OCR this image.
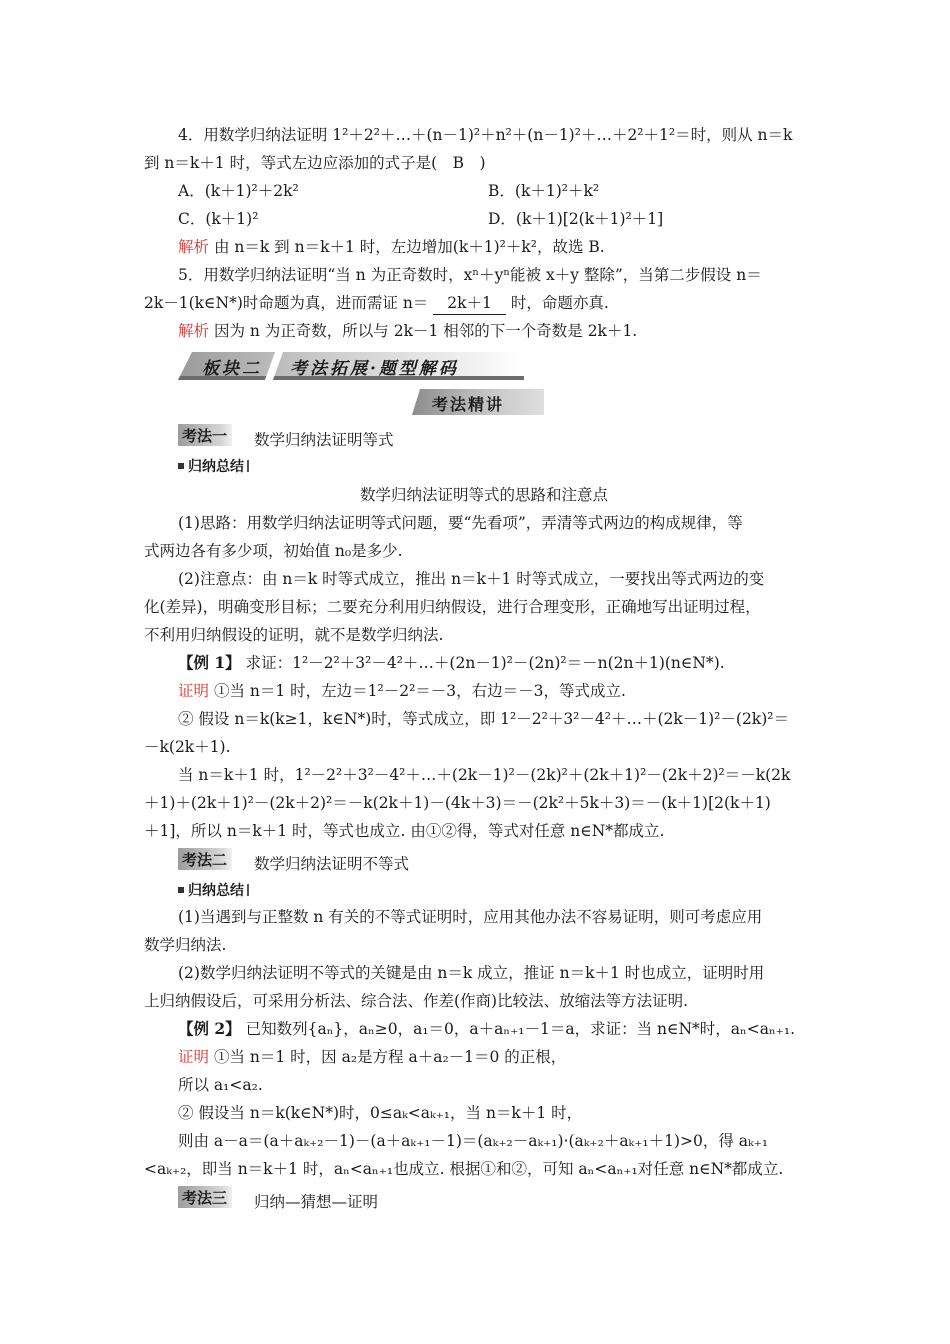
4．用数学归纳法证明 1²＋2²＋…＋(n－1)²＋n²＋(n－1)²＋…＋2²＋1²＝时，则从 n＝k
到 n＝k＋1 时，等式左边应添加的式子是(　B　)
A．(k＋1)²＋2k²	B．(k＋1)²＋k²
C．(k＋1)²	D．(k＋1)[2(k＋1)²＋1]
解析 由 n＝k 到 n＝k＋1 时，左边增加(k＋1)²＋k²，故选 B.
5．用数学归纳法证明“当 n 为正奇数时，xⁿ＋yⁿ能被 x＋y 整除”，当第二步假设 n＝
2k－1(k∈N*)时命题为真，进而需证 n＝ 2k＋1 时，命题亦真.
解析 因为 n 为正奇数，所以与 2k－1 相邻的下一个奇数是 2k＋1.
板块二 考法拓展·题型解码
考法精讲
考法一 数学归纳法证明等式
归纳总结
数学归纳法证明等式的思路和注意点
(1)思路：用数学归纳法证明等式问题，要“先看项”，弄清等式两边的构成规律，等
式两边各有多少项，初始值 n₀是多少.
(2)注意点：由 n＝k 时等式成立，推出 n＝k＋1 时等式成立，一要找出等式两边的变
化(差异)，明确变形目标；二要充分利用归纳假设，进行合理变形，正确地写出证明过程，
不利用归纳假设的证明，就不是数学归纳法.
【例 1】 求证：1²－2²＋3²－4²＋…＋(2n－1)²－(2n)²＝－n(2n＋1)(n∈N*).
证明 ①当 n＝1 时，左边＝1²－2²＝－3，右边＝－3，等式成立.
② 假设 n＝k(k≥1，k∈N*)时，等式成立，即 1²－2²＋3²－4²＋…＋(2k－1)²－(2k)²＝
－k(2k＋1).
当 n＝k＋1 时，1²－2²＋3²－4²＋…＋(2k－1)²－(2k)²＋(2k＋1)²－(2k＋2)²＝－k(2k
＋1)＋(2k＋1)²－(2k＋2)²＝－k(2k＋1)－(4k＋3)＝－(2k²＋5k＋3)＝－(k＋1)[2(k＋1)
＋1]，所以 n＝k＋1 时，等式也成立. 由①②得，等式对任意 n∈N*都成立.
考法二 数学归纳法证明不等式
归纳总结
(1)当遇到与正整数 n 有关的不等式证明时，应用其他办法不容易证明，则可考虑应用
数学归纳法.
(2)数学归纳法证明不等式的关键是由 n＝k 成立，推证 n＝k＋1 时也成立，证明时用
上归纳假设后，可采用分析法、综合法、作差(作商)比较法、放缩法等方法证明.
【例 2】 已知数列{aₙ}，aₙ≥0，a₁＝0，a＋aₙ₊₁－1＝a，求证：当 n∈N*时，aₙ<aₙ₊₁.
证明 ①当 n＝1 时，因 a₂是方程 a＋a₂－1＝0 的正根，
所以 a₁<a₂.
② 假设当 n＝k(k∈N*)时，0≤aₖ<aₖ₊₁，当 n＝k＋1 时，
则由 a－a＝(a＋aₖ₊₂－1)－(a＋aₖ₊₁－1)＝(aₖ₊₂－aₖ₊₁)·(aₖ₊₂＋aₖ₊₁＋1)>0，得 aₖ₊₁
<aₖ₊₂，即当 n＝k＋1 时，aₙ<aₙ₊₁也成立. 根据①和②，可知 aₙ<aₙ₊₁对任意 n∈N*都成立.
考法三 归纳—猜想—证明
